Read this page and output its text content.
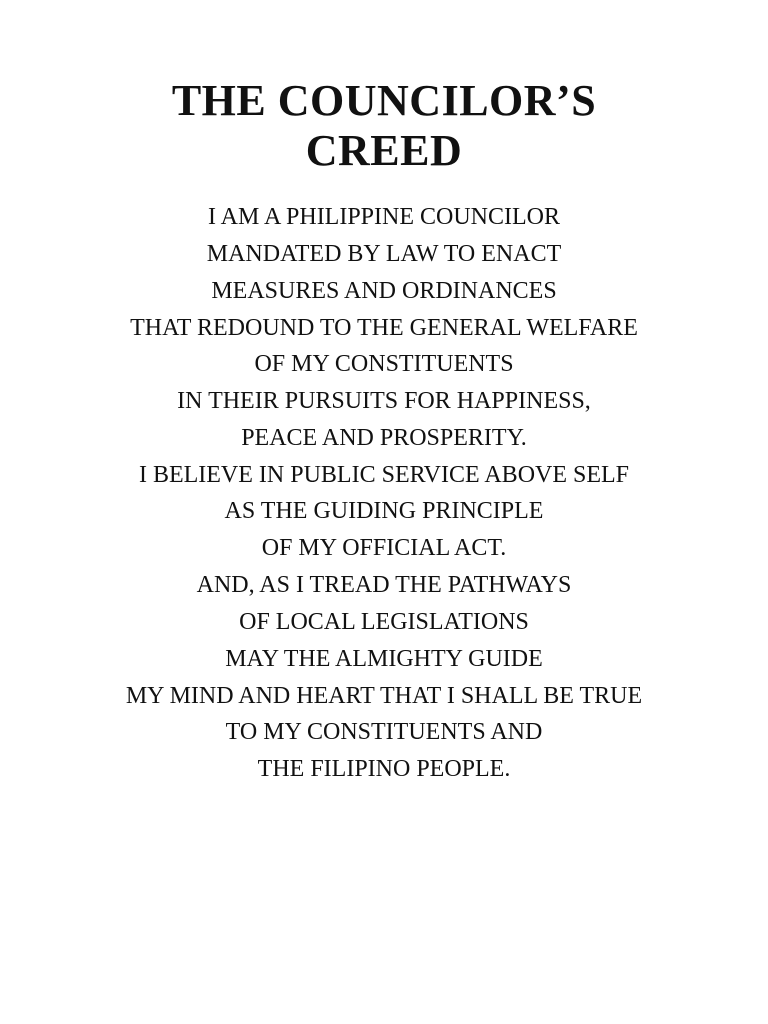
THE COUNCILOR’S
CREED
I AM A PHILIPPINE COUNCILOR
MANDATED BY LAW TO ENACT
MEASURES AND ORDINANCES
THAT REDOUND TO THE GENERAL WELFARE
OF MY CONSTITUENTS
IN THEIR PURSUITS FOR HAPPINESS,
PEACE AND PROSPERITY.
I BELIEVE IN PUBLIC SERVICE ABOVE SELF
AS THE GUIDING PRINCIPLE
OF MY OFFICIAL ACT.
AND, AS I TREAD THE PATHWAYS
OF LOCAL LEGISLATIONS
MAY THE ALMIGHTY GUIDE
MY MIND AND HEART THAT I SHALL BE TRUE
TO MY CONSTITUENTS AND
THE FILIPINO PEOPLE.
